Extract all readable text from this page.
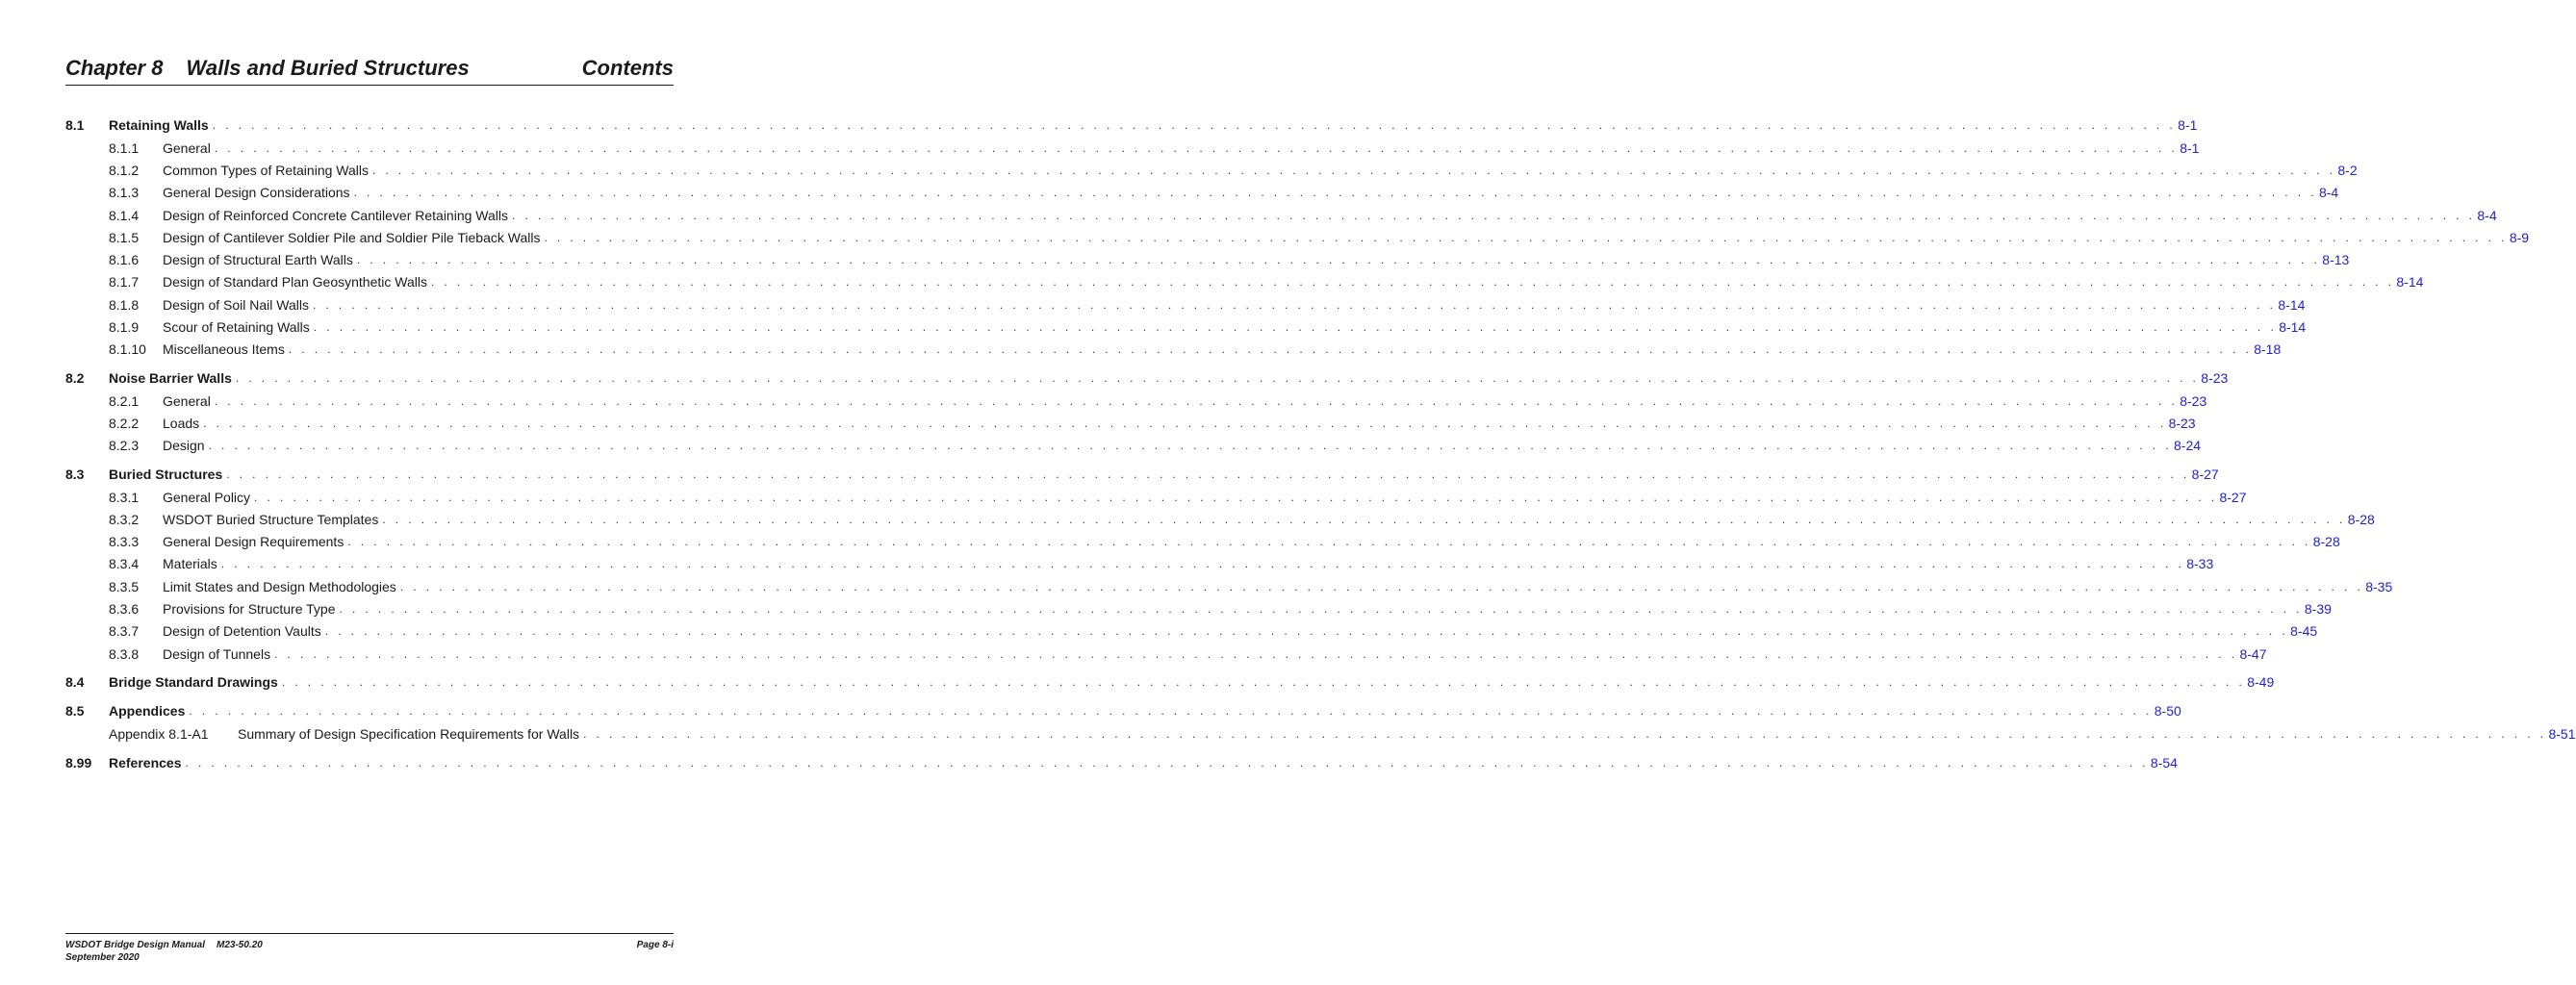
Chapter 8 Walls and Buried Structures	Contents
8.1	Retaining Walls . . . . . . . . . . . . . . . . . . . . . . . . . . . . . . . . . . . . . . . . . . . . . . . . . . . . . . . . . . . . . . . . . . . . . . . . . . . . . . . . . . . . . . . . . . . . . . . . . . . . . . . . . . . . . . . . . . . . . . . . . . . . . . . . . . . . . . . . . . . . . . . . . . . . . . . . 8-1
8.1.1	General . . . . . . . . . . . . . . . . . . . . . . . . . . . . . . . . . . . . . . . . . . . . . . . . . . . . . . . . . . . . . . . . . . . . . . . . . . . . . . . . . . . . . . . . . . . . . . . . . . . . . . . . . . . . . . . . . . . . . . . . . . . . . . . . . . . . . . . . . . . . . . . . . . . . . . . . 8-1
8.1.2	Common Types of Retaining Walls . . . . . . . . . . . . . . . . . . . . . . . . . . . . . . . . . . . . . . . . . . . . . . . . . . . . . . . . . . . . . . . . . . . . . . . . . . . . . . . . . . . . . . . . . . . . . . . . . . . . . . . . . . . . . . . . . . . . . . . . . . . . . . . . . . . . . . . . . . . . . . . . . . . . . . . . 8-2
8.1.3	General Design Considerations . . . . . . . . . . . . . . . . . . . . . . . . . . . . . . . . . . . . . . . . . . . . . . . . . . . . . . . . . . . . . . . . . . . . . . . . . . . . . . . . . . . . . . . . . . . . . . . . . . . . . . . . . . . . . . . . . . . . . . . . . . . . . . . . . . . . . . . . . . . . . . . . . . . . . . . . 8-4
8.1.4	Design of Reinforced Concrete Cantilever Retaining Walls . . . . . . . . . . . . . . . . . . . . . . . . . . . . . . . . . . . . . . . . . . . . . . . . . . . . . . . . . . . . . . . . . . . . . . . . . . . . . . . . . . . . . . . . . . . . . . . . . . . . . . . . . . . . . . . . . . . . . . . . . . . . . . . . . . . . . . . . . . . . . . . . . . . . . . . . 8-4
8.1.5	Design of Cantilever Soldier Pile and Soldier Pile Tieback Walls . . . . . . . . . . . . . . . . . . . . . . . . . . . . . . . . . . . . . . . . . . . . . . . . . . . . . . . . . . . . . . . . . . . . . . . . . . . . . . . . . . . . . . . . . . . . . . . . . . . . . . . . . . . . . . . . . . . . . . . . . . . . . . . . . . . . . . . . . . . . . . . . . . . . . . . . 8-9
8.1.6	Design of Structural Earth Walls . . . . . . . . . . . . . . . . . . . . . . . . . . . . . . . . . . . . . . . . . . . . . . . . . . . . . . . . . . . . . . . . . . . . . . . . . . . . . . . . . . . . . . . . . . . . . . . . . . . . . . . . . . . . . . . . . . . . . . . . . . . . . . . . . . . . . . . . . . . . . . . . . . . . . . . . 8-13
8.1.7	Design of Standard Plan Geosynthetic Walls . . . . . . . . . . . . . . . . . . . . . . . . . . . . . . . . . . . . . . . . . . . . . . . . . . . . . . . . . . . . . . . . . . . . . . . . . . . . . . . . . . . . . . . . . . . . . . . . . . . . . . . . . . . . . . . . . . . . . . . . . . . . . . . . . . . . . . . . . . . . . . . . . . . . . . . . 8-14
8.1.8	Design of Soil Nail Walls . . . . . . . . . . . . . . . . . . . . . . . . . . . . . . . . . . . . . . . . . . . . . . . . . . . . . . . . . . . . . . . . . . . . . . . . . . . . . . . . . . . . . . . . . . . . . . . . . . . . . . . . . . . . . . . . . . . . . . . . . . . . . . . . . . . . . . . . . . . . . . . . . . . . . . . . 8-14
8.1.9	Scour of Retaining Walls . . . . . . . . . . . . . . . . . . . . . . . . . . . . . . . . . . . . . . . . . . . . . . . . . . . . . . . . . . . . . . . . . . . . . . . . . . . . . . . . . . . . . . . . . . . . . . . . . . . . . . . . . . . . . . . . . . . . . . . . . . . . . . . . . . . . . . . . . . . . . . . . . . . . . . . . 8-14
8.1.10	Miscellaneous Items . . . . . . . . . . . . . . . . . . . . . . . . . . . . . . . . . . . . . . . . . . . . . . . . . . . . . . . . . . . . . . . . . . . . . . . . . . . . . . . . . . . . . . . . . . . . . . . . . . . . . . . . . . . . . . . . . . . . . . . . . . . . . . . . . . . . . . . . . . . . . . . . . . . . . . . . 8-18
8.2	Noise Barrier Walls . . . . . . . . . . . . . . . . . . . . . . . . . . . . . . . . . . . . . . . . . . . . . . . . . . . . . . . . . . . . . . . . . . . . . . . . . . . . . . . . . . . . . . . . . . . . . . . . . . . . . . . . . . . . . . . . . . . . . . . . . . . . . . . . . . . . . . . . . . . . . . . . . . . . . . . . 8-23
8.2.1	General . . . . . . . . . . . . . . . . . . . . . . . . . . . . . . . . . . . . . . . . . . . . . . . . . . . . . . . . . . . . . . . . . . . . . . . . . . . . . . . . . . . . . . . . . . . . . . . . . . . . . . . . . . . . . . . . . . . . . . . . . . . . . . . . . . . . . . . . . . . . . . . . . . . . . . . . 8-23
8.2.2	Loads . . . . . . . . . . . . . . . . . . . . . . . . . . . . . . . . . . . . . . . . . . . . . . . . . . . . . . . . . . . . . . . . . . . . . . . . . . . . . . . . . . . . . . . . . . . . . . . . . . . . . . . . . . . . . . . . . . . . . . . . . . . . . . . . . . . . . . . . . . . . . . . . . . . . . . . . 8-23
8.2.3	Design . . . . . . . . . . . . . . . . . . . . . . . . . . . . . . . . . . . . . . . . . . . . . . . . . . . . . . . . . . . . . . . . . . . . . . . . . . . . . . . . . . . . . . . . . . . . . . . . . . . . . . . . . . . . . . . . . . . . . . . . . . . . . . . . . . . . . . . . . . . . . . . . . . . . . . . . 8-24
8.3	Buried Structures . . . . . . . . . . . . . . . . . . . . . . . . . . . . . . . . . . . . . . . . . . . . . . . . . . . . . . . . . . . . . . . . . . . . . . . . . . . . . . . . . . . . . . . . . . . . . . . . . . . . . . . . . . . . . . . . . . . . . . . . . . . . . . . . . . . . . . . . . . . . . . . . . . . . . . . . 8-27
8.3.1	General Policy . . . . . . . . . . . . . . . . . . . . . . . . . . . . . . . . . . . . . . . . . . . . . . . . . . . . . . . . . . . . . . . . . . . . . . . . . . . . . . . . . . . . . . . . . . . . . . . . . . . . . . . . . . . . . . . . . . . . . . . . . . . . . . . . . . . . . . . . . . . . . . . . . . . . . . . . 8-27
8.3.2	WSDOT Buried Structure Templates . . . . . . . . . . . . . . . . . . . . . . . . . . . . . . . . . . . . . . . . . . . . . . . . . . . . . . . . . . . . . . . . . . . . . . . . . . . . . . . . . . . . . . . . . . . . . . . . . . . . . . . . . . . . . . . . . . . . . . . . . . . . . . . . . . . . . . . . . . . . . . . . . . . . . . . . 8-28
8.3.3	General Design Requirements . . . . . . . . . . . . . . . . . . . . . . . . . . . . . . . . . . . . . . . . . . . . . . . . . . . . . . . . . . . . . . . . . . . . . . . . . . . . . . . . . . . . . . . . . . . . . . . . . . . . . . . . . . . . . . . . . . . . . . . . . . . . . . . . . . . . . . . . . . . . . . . . . . . . . . . . 8-28
8.3.4	Materials . . . . . . . . . . . . . . . . . . . . . . . . . . . . . . . . . . . . . . . . . . . . . . . . . . . . . . . . . . . . . . . . . . . . . . . . . . . . . . . . . . . . . . . . . . . . . . . . . . . . . . . . . . . . . . . . . . . . . . . . . . . . . . . . . . . . . . . . . . . . . . . . . . . . . . . . 8-33
8.3.5	Limit States and Design Methodologies . . . . . . . . . . . . . . . . . . . . . . . . . . . . . . . . . . . . . . . . . . . . . . . . . . . . . . . . . . . . . . . . . . . . . . . . . . . . . . . . . . . . . . . . . . . . . . . . . . . . . . . . . . . . . . . . . . . . . . . . . . . . . . . . . . . . . . . . . . . . . . . . . . . . . . . . 8-35
8.3.6	Provisions for Structure Type . . . . . . . . . . . . . . . . . . . . . . . . . . . . . . . . . . . . . . . . . . . . . . . . . . . . . . . . . . . . . . . . . . . . . . . . . . . . . . . . . . . . . . . . . . . . . . . . . . . . . . . . . . . . . . . . . . . . . . . . . . . . . . . . . . . . . . . . . . . . . . . . . . . . . . . . 8-39
8.3.7	Design of Detention Vaults . . . . . . . . . . . . . . . . . . . . . . . . . . . . . . . . . . . . . . . . . . . . . . . . . . . . . . . . . . . . . . . . . . . . . . . . . . . . . . . . . . . . . . . . . . . . . . . . . . . . . . . . . . . . . . . . . . . . . . . . . . . . . . . . . . . . . . . . . . . . . . . . . . . . . . . . 8-45
8.3.8	Design of Tunnels . . . . . . . . . . . . . . . . . . . . . . . . . . . . . . . . . . . . . . . . . . . . . . . . . . . . . . . . . . . . . . . . . . . . . . . . . . . . . . . . . . . . . . . . . . . . . . . . . . . . . . . . . . . . . . . . . . . . . . . . . . . . . . . . . . . . . . . . . . . . . . . . . . . . . . . . 8-47
8.4	Bridge Standard Drawings . . . . . . . . . . . . . . . . . . . . . . . . . . . . . . . . . . . . . . . . . . . . . . . . . . . . . . . . . . . . . . . . . . . . . . . . . . . . . . . . . . . . . . . . . . . . . . . . . . . . . . . . . . . . . . . . . . . . . . . . . . . . . . . . . . . . . . . . . . . . . . . . . . . . . . . . 8-49
8.5	Appendices . . . . . . . . . . . . . . . . . . . . . . . . . . . . . . . . . . . . . . . . . . . . . . . . . . . . . . . . . . . . . . . . . . . . . . . . . . . . . . . . . . . . . . . . . . . . . . . . . . . . . . . . . . . . . . . . . . . . . . . . . . . . . . . . . . . . . . . . . . . . . . . . . . . . . . . . 8-50
Appendix 8.1-A1	Summary of Design Specification Requirements for Walls . . . . . . . . . . . . . . . . . . . . . . . . . . . . . . . . . . . . . . . . . . . . . . . . . . . . . . . . . . . . . . . . . . . . . . . . . . . . . . . . . . . . . . . . . . . . . . . . . . . . . . . . . . . . . . . . . . . . . . . . . . . . . . . . . . . . . . . . . . . . . . . . . . . . . . . . 8-51
8.99	References . . . . . . . . . . . . . . . . . . . . . . . . . . . . . . . . . . . . . . . . . . . . . . . . . . . . . . . . . . . . . . . . . . . . . . . . . . . . . . . . . . . . . . . . . . . . . . . . . . . . . . . . . . . . . . . . . . . . . . . . . . . . . . . . . . . . . . . . . . . . . . . . . . . . . . . . 8-54
WSDOT Bridge Design Manual M23-50.20	Page 8-i
September 2020
